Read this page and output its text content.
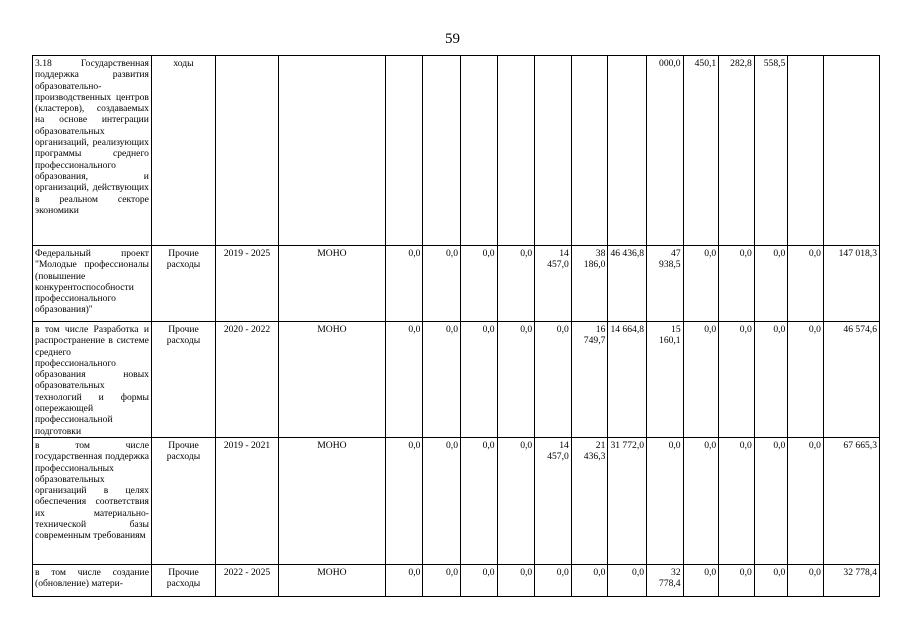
59
3.18 Государственная поддержка развития образовательно-производственных центров (кластеров), создаваемых на основе интеграции образовательных организаций, реализующих программы среднего профессионального образования, и организаций, действующих в реальном секторе экономики	ходы										000,0	450,1	282,8	558,5		
Федеральный проект "Молодые профессионалы (повышение конкурентоспособности профессионального образования)"	Прочие расходы	2019 - 2025	МОНО	0,0	0,0	0,0	0,0	14 457,0	38 186,0	46 436,8	47 938,5	0,0	0,0	0,0	0,0	147 018,3
в том числе Разработка и распространение в системе среднего профессионального образования новых образовательных технологий и формы опережающей профессиональной подготовки	Прочие расходы	2020 - 2022	МОНО	0,0	0,0	0,0	0,0	0,0	16 749,7	14 664,8	15 160,1	0,0	0,0	0,0	0,0	46 574,6
в том числе государственная поддержка профессиональных образовательных организаций в целях обеспечения соответствия их материально-технической базы современным требованиям	Прочие расходы	2019 - 2021	МОНО	0,0	0,0	0,0	0,0	14 457,0	21 436,3	31 772,0	0,0	0,0	0,0	0,0	0,0	67 665,3
в том числе создание (обновление) матери-	Прочие расходы	2022 - 2025	МОНО	0,0	0,0	0,0	0,0	0,0	0,0	0,0	32 778,4	0,0	0,0	0,0	0,0	32 778,4
